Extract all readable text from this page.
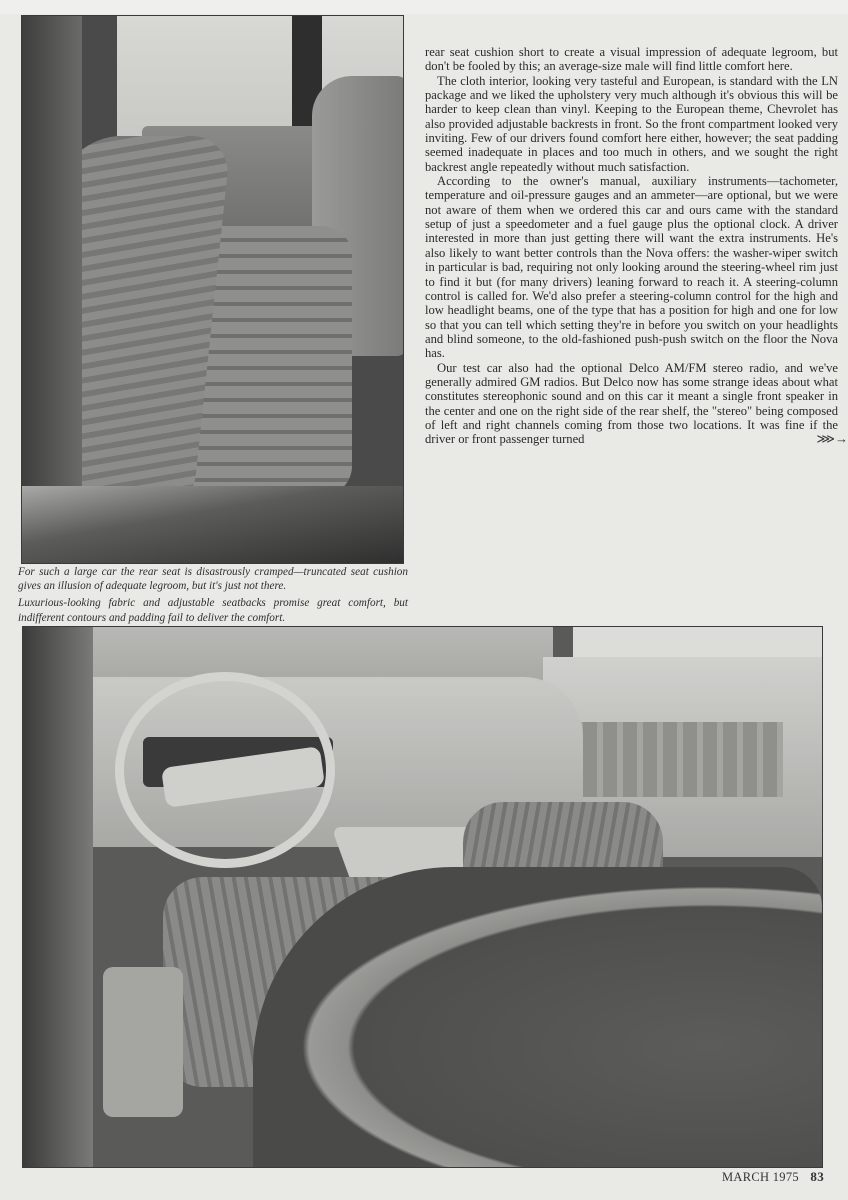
For such a large car the rear seat is disastrously cramped—truncated seat cushion gives an illusion of adequate legroom, but it's just not there.

Luxurious-looking fabric and adjustable seatbacks promise great comfort, but indifferent contours and padding fail to deliver the comfort.

rear seat cushion short to create a visual impression of adequate legroom, but don't be fooled by this; an average-size male will find little comfort here.

The cloth interior, looking very tasteful and European, is standard with the LN package and we liked the upholstery very much although it's obvious this will be harder to keep clean than vinyl. Keeping to the European theme, Chevrolet has also provided adjustable backrests in front. So the front compartment looked very inviting. Few of our drivers found comfort here either, however; the seat padding seemed inadequate in places and too much in others, and we sought the right backrest angle repeatedly without much satisfaction.

According to the owner's manual, auxiliary instruments—tachometer, temperature and oil-pressure gauges and an ammeter—are optional, but we were not aware of them when we ordered this car and ours came with the standard setup of just a speedometer and a fuel gauge plus the optional clock. A driver interested in more than just getting there will want the extra instruments. He's also likely to want better controls than the Nova offers: the washer-wiper switch in particular is bad, requiring not only looking around the steering-wheel rim just to find it but (for many drivers) leaning forward to reach it. A steering-column control is called for. We'd also prefer a steering-column control for the high and low headlight beams, one of the type that has a position for high and one for low so that you can tell which setting they're in before you switch on your headlights and blind someone, to the old-fashioned push-push switch on the floor the Nova has.

Our test car also had the optional Delco AM/FM stereo radio, and we've generally admired GM radios. But Delco now has some strange ideas about what constitutes stereophonic sound and on this car it meant a single front speaker in the center and one on the right side of the rear shelf, the "stereo" being composed of left and right channels coming from those two locations. It was fine if the driver or front passenger turned	⋙→
MARCH 1975 83
